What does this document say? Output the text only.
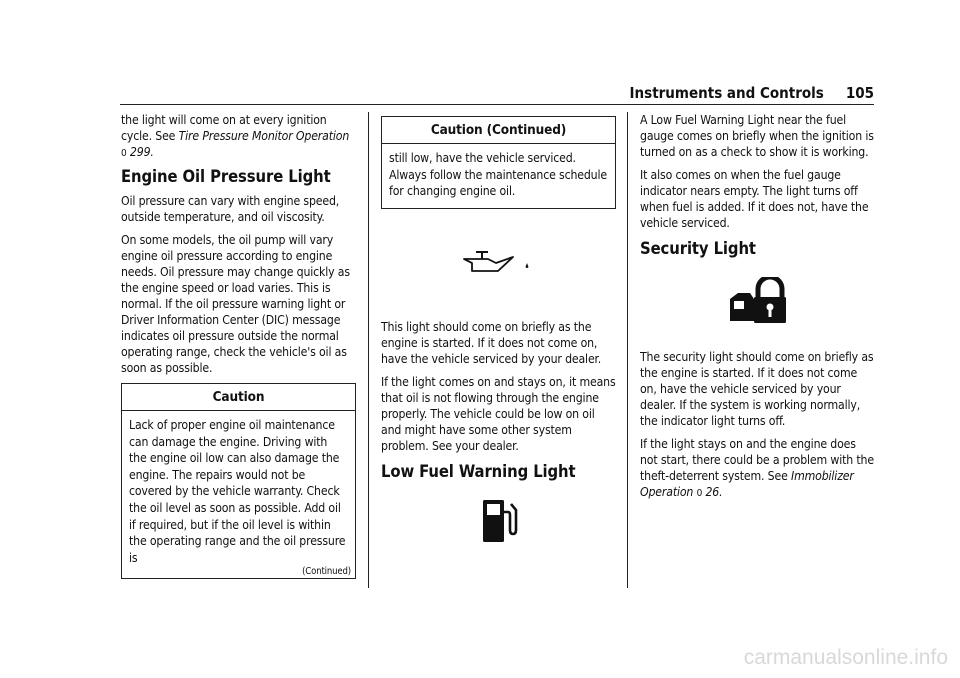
Instruments and Controls 105

the light will come on at every ignition cycle. See Tire Pressure Monitor Operation
0 299.

Engine Oil Pressure Light

Oil pressure can vary with engine speed, outside temperature, and oil viscosity.

On some models, the oil pump will vary engine oil pressure according to engine needs. Oil pressure may change quickly as the engine speed or load varies. This is normal. If the oil pressure warning light or Driver Information Center (DIC) message indicates oil pressure outside the normal operating range, check the vehicle's oil as soon as possible.

Caution

Lack of proper engine oil maintenance can damage the engine. Driving with the engine oil low can also damage the engine. The repairs would not be covered by the vehicle warranty. Check the oil level as soon as possible. Add oil if required, but if the oil level is within the operating range and the oil pressure is

(Continued)
Caution (Continued)

still low, have the vehicle serviced. Always follow the maintenance schedule for changing engine oil.

This light should come on briefly as the engine is started. If it does not come on, have the vehicle serviced by your dealer.

If the light comes on and stays on, it means that oil is not flowing through the engine properly. The vehicle could be low on oil and might have some other system problem. See your dealer.

Low Fuel Warning Light

A Low Fuel Warning Light near the fuel gauge comes on briefly when the ignition is turned on as a check to show it is working.

It also comes on when the fuel gauge indicator nears empty. The light turns off when fuel is added. If it does not, have the vehicle serviced.

Security Light

The security light should come on briefly as the engine is started. If it does not come on, have the vehicle serviced by your dealer. If the system is working normally, the indicator light turns off.

If the light stays on and the engine does not start, there could be a problem with the theft-deterrent system. See Immobilizer Operation 0 26.

carmanualsonline.info
